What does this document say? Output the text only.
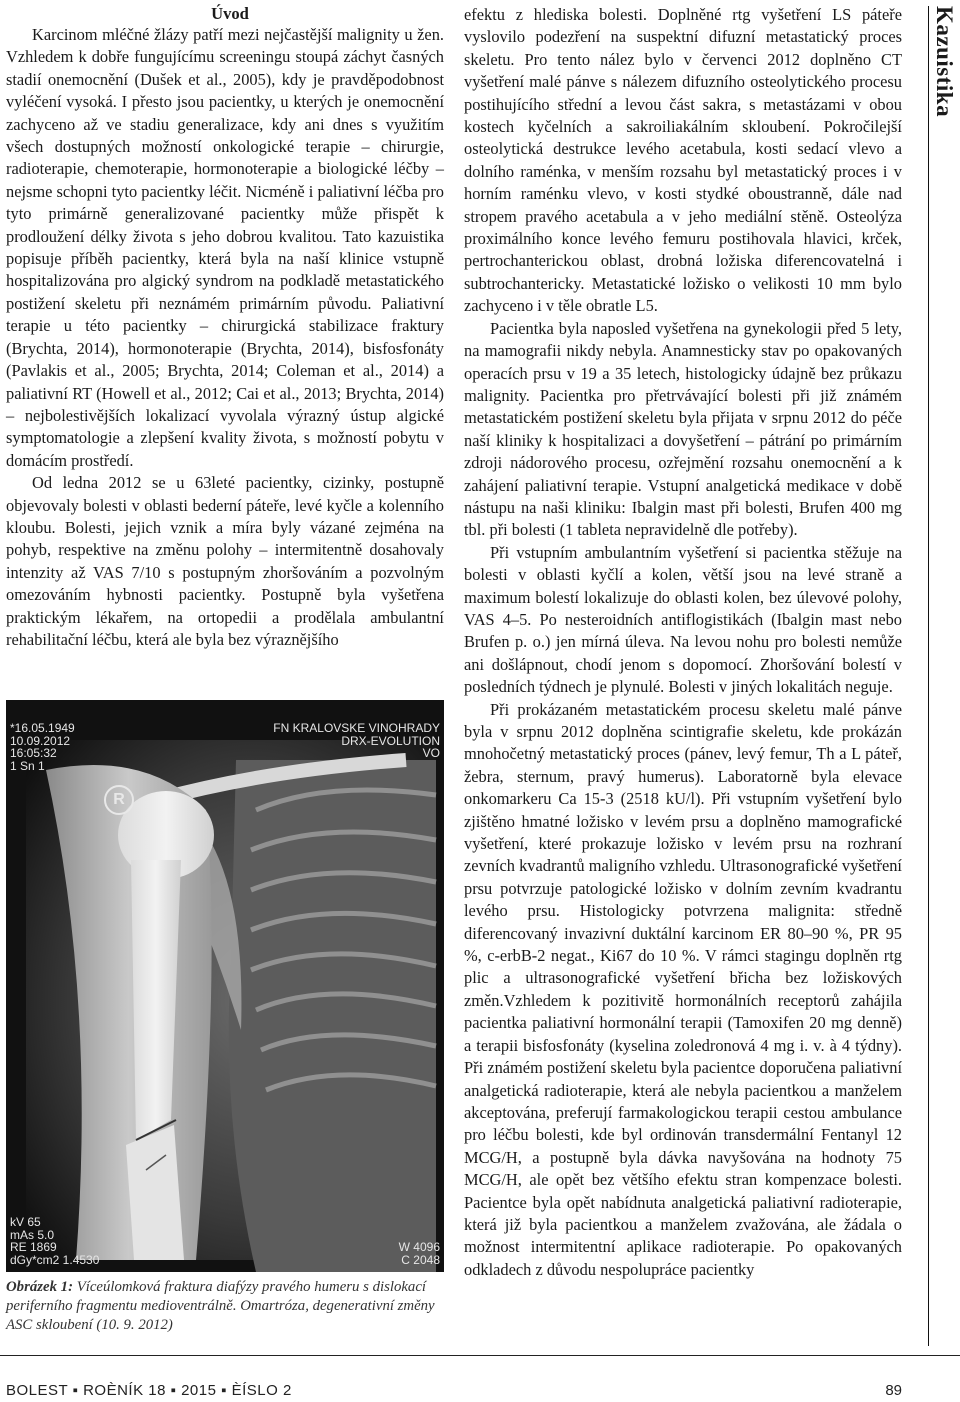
Úvod

Karcinom mléčné žlázy patří mezi nejčastější malignity u žen. Vzhledem k dobře fungujícímu screeningu stoupá záchyt časných stadií onemocnění (Dušek et al., 2005), kdy je pravděpodobnost vyléčení vysoká. I přesto jsou pacientky, u kterých je onemocnění zachyceno až ve stadiu generalizace, kdy ani dnes s využitím všech dostupných možností onkologické terapie – chirurgie, radioterapie, chemoterapie, hormonoterapie a biologické léčby – nejsme schopni tyto pacientky léčit. Nicméně i paliativní léčba pro tyto primárně generalizované pacientky může přispět k prodloužení délky života s jeho dobrou kvalitou. Tato kazuistika popisuje příběh pacientky, která byla na naší klinice vstupně hospitalizována pro algický syndrom na podkladě metastatického postižení skeletu při neznámém primárním původu. Paliativní terapie u této pacientky – chirurgická stabilizace fraktury (Brychta, 2014), hormonoterapie (Brychta, 2014), bisfosfonáty (Pavlakis et al., 2005; Brychta, 2014; Coleman et al., 2014) a paliativní RT (Howell et al., 2012; Cai et al., 2013; Brychta, 2014) – nejbolestivějších lokalizací vyvolala výrazný ústup algické symptomatologie a zlepšení kvality života, s možností pobytu v domácím prostředí.

Od ledna 2012 se u 63leté pacientky, cizinky, postupně objevovaly bolesti v oblasti bederní páteře, levé kyčle a kolenního kloubu. Bolesti, jejich vznik a míra byly vázané zejména na pohyb, respektive na změnu polohy – intermitentně dosahovaly intenzity až VAS 7/10 s postupným zhoršováním a pozvolným omezováním hybnosti pacientky. Postupně byla vyšetřena praktickým lékařem, na ortopedii a prodělala ambulantní rehabilitační léčbu, která ale byla bez výraznějšího

*16.05.1949
10.09.2012
16:05:32
1 Sn 1
FN KRALOVSKE VINOHRADY
DRX-EVOLUTION
VO
R
kV 65
mAs 5.0
RE 1869
dGy*cm2 1.4530
W 4096
C 2048
Obrázek 1: Víceúlomková fraktura diafýzy pravého humeru s dislokací periferního fragmentu medioventrálně. Omartróza, degenerativní změny ASC skloubení (10. 9. 2012)

efektu z hlediska bolesti. Doplněné rtg vyšetření LS páteře vyslovilo podezření na suspektní difuzní metastatický proces skeletu. Pro tento nález bylo v červenci 2012 doplněno CT vyšetření malé pánve s nálezem difuzního osteolytického procesu postihujícího střední a levou část sakra, s metastázami v obou kostech kyčelních a sakroiliakálním skloubení. Pokročilejší osteolytická destrukce levého acetabula, kosti sedací vlevo a dolního raménka, v menším rozsahu byl metastatický proces i v horním raménku vlevo, v kosti stydké oboustranně, dále nad stropem pravého acetabula a v jeho mediální stěně. Osteolýza proximálního konce levého femuru postihovala hlavici, krček, pertrochanterickou oblast, drobná ložiska diferencovatelná i subtrochantericky. Metastatické ložisko o velikosti 10 mm bylo zachyceno i v těle obratle L5.

Pacientka byla naposled vyšetřena na gynekologii před 5 lety, na mamografii nikdy nebyla. Anamnesticky stav po opakovaných operacích prsu v 19 a 35 letech, histologicky údajně bez průkazu malignity. Pacientka pro přetrvávající bolesti při již známém metastatickém postižení skeletu byla přijata v srpnu 2012 do péče naší kliniky k hospitalizaci a dovyšetření – pátrání po primárním zdroji nádorového procesu, ozřejmění rozsahu onemocnění a k zahájení paliativní terapie. Vstupní analgetická medikace v době nástupu na naši kliniku: Ibalgin mast při bolesti, Brufen 400 mg tbl. při bolesti (1 tableta nepravidelně dle potřeby).

Při vstupním ambulantním vyšetření si pacientka stěžuje na bolesti v oblasti kyčlí a kolen, větší jsou na levé straně a maximum bolestí lokalizuje do oblasti kolen, bez úlevové polohy, VAS 4–5. Po nesteroidních antiflogistikách (Ibalgin mast nebo Brufen p. o.) jen mírná úleva. Na levou nohu pro bolesti nemůže ani došlápnout, chodí jenom s dopomocí. Zhoršování bolestí v posledních týdnech je plynulé. Bolesti v jiných lokalitách neguje.

Při prokázaném metastatickém procesu skeletu malé pánve byla v srpnu 2012 doplněna scintigrafie skeletu, kde prokázán mnohočetný metastatický proces (pánev, levý femur, Th a L páteř, žebra, sternum, pravý humerus). Laboratorně byla elevace onkomarkeru Ca 15-3 (2518 kU/l). Při vstupním vyšetření bylo zjištěno hmatné ložisko v levém prsu a doplněno mamografické vyšetření, které prokazuje ložisko v levém prsu na rozhraní zevních kvadrantů maligního vzhledu. Ultrasonografické vyšetření prsu potvrzuje patologické ložisko v dolním zevním kvadrantu levého prsu. Histologicky potvrzena malignita: středně diferencovaný invazivní duktální karcinom ER 80–90 %, PR 95 %, c-erbB-2 negat., Ki67 do 10 %. V rámci stagingu doplněn rtg plic a ultrasonografické vyšetření břicha bez ložiskových změn.Vzhledem k pozitivitě hormonálních receptorů zahájila pacientka paliativní hormonální terapii (Tamoxifen 20 mg denně) a terapii bisfosfonáty (kyselina zoledronová 4 mg i. v. à 4 týdny). Při známém postižení skeletu byla pacientce doporučena paliativní analgetická radioterapie, která ale nebyla pacientkou a manželem akceptována, preferují farmakologickou terapii cestou ambulance pro léčbu bolesti, kde byl ordinován transdermální Fentanyl 12 MCG/H, a postupně byla dávka navyšována na hodnoty 75 MCG/H, ale opět bez většího efektu stran kompenzace bolesti. Pacientce byla opět nabídnuta analgetická paliativní radioterapie, která již byla pacientkou a manželem zvažována, ale žádala o možnost intermitentní aplikace radioterapie. Po opakovaných odkladech z důvodu nespolupráce pacientky

Kazuistika
BOLEST ▪ ROÈNÍK 18 ▪ 2015 ▪ ÈÍSLO 2	89
